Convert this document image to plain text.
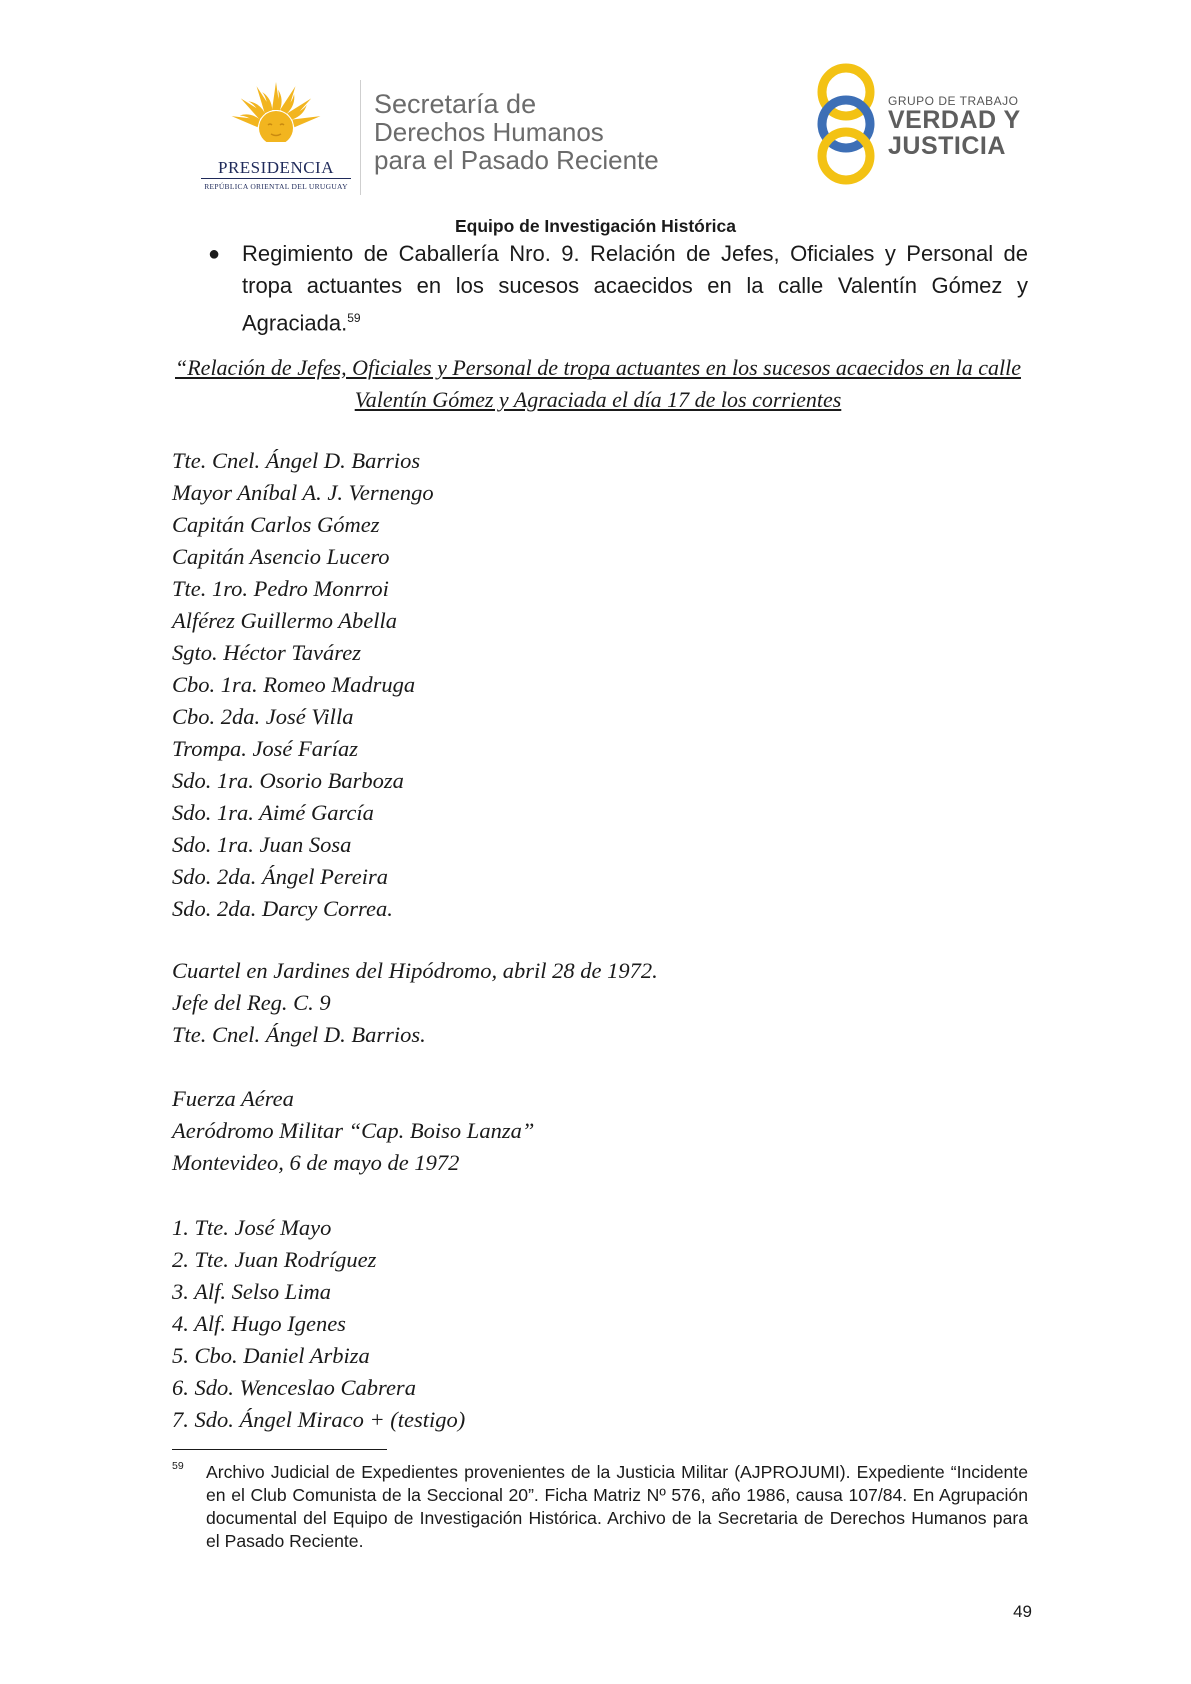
PRESIDENCIA
REPÚBLICA ORIENTAL DEL URUGUAY
Secretaría de
Derechos Humanos
para el Pasado Reciente
GRUPO DE TRABAJO
VERDAD Y
JUSTICIA
Equipo de Investigación Histórica
● Regimiento de Caballería Nro. 9. Relación de Jefes, Oficiales y Personal de tropa actuantes en los sucesos acaecidos en la calle Valentín Gómez y Agraciada.$^{59}$
“Relación de Jefes, Oficiales y Personal de tropa actuantes en los sucesos acaecidos en la calle Valentín Gómez y Agraciada el día 17 de los corrientes
Tte. Cnel. Ángel D. Barrios
Mayor Aníbal A. J. Vernengo
Capitán Carlos Gómez
Capitán Asencio Lucero
Tte. 1ro. Pedro Monrroi
Alférez Guillermo Abella
Sgto. Héctor Tavárez
Cbo. 1ra. Romeo Madruga
Cbo. 2da. José Villa
Trompa. José Faríaz
Sdo. 1ra. Osorio Barboza
Sdo. 1ra. Aimé García
Sdo. 1ra. Juan Sosa
Sdo. 2da. Ángel Pereira
Sdo. 2da. Darcy Correa.
Cuartel en Jardines del Hipódromo, abril 28 de 1972.
Jefe del Reg. C. 9
Tte. Cnel. Ángel D. Barrios.
Fuerza Aérea
Aeródromo Militar “Cap. Boiso Lanza”
Montevideo, 6 de mayo de 1972
1. Tte. José Mayo
2. Tte. Juan Rodríguez
3. Alf. Selso Lima
4. Alf. Hugo Igenes
5. Cbo. Daniel Arbiza
6. Sdo. Wenceslao Cabrera
7. Sdo. Ángel Miraco + (testigo)
59 Archivo Judicial de Expedientes provenientes de la Justicia Militar (AJPROJUMI). Expediente “Incidente en el Club Comunista de la Seccional 20”. Ficha Matriz Nº 576, año 1986, causa 107/84. En Agrupación documental del Equipo de Investigación Histórica. Archivo de la Secretaria de Derechos Humanos para el Pasado Reciente.
49
